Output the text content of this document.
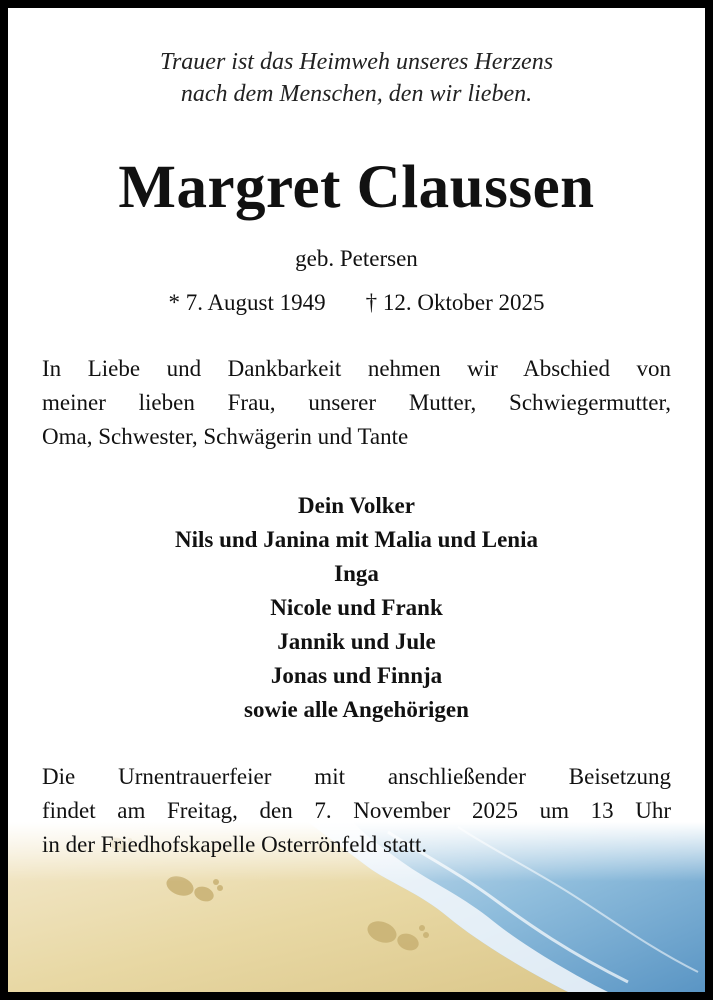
Trauer ist das Heimweh unseres Herzens
nach dem Menschen, den wir lieben.
Margret Claussen
geb. Petersen
* 7. August 1949 † 12. Oktober 2025
In Liebe und Dankbarkeit nehmen wir Abschied von
meiner lieben Frau, unserer Mutter, Schwiegermutter,
Oma, Schwester, Schwägerin und Tante
Dein Volker
Nils und Janina mit Malia und Lenia
Inga
Nicole und Frank
Jannik und Jule
Jonas und Finnja
sowie alle Angehörigen
Die Urnentrauerfeier mit anschließender Beisetzung
findet am Freitag, den 7. November 2025 um 13 Uhr
in der Friedhofskapelle Osterrönfeld statt.
